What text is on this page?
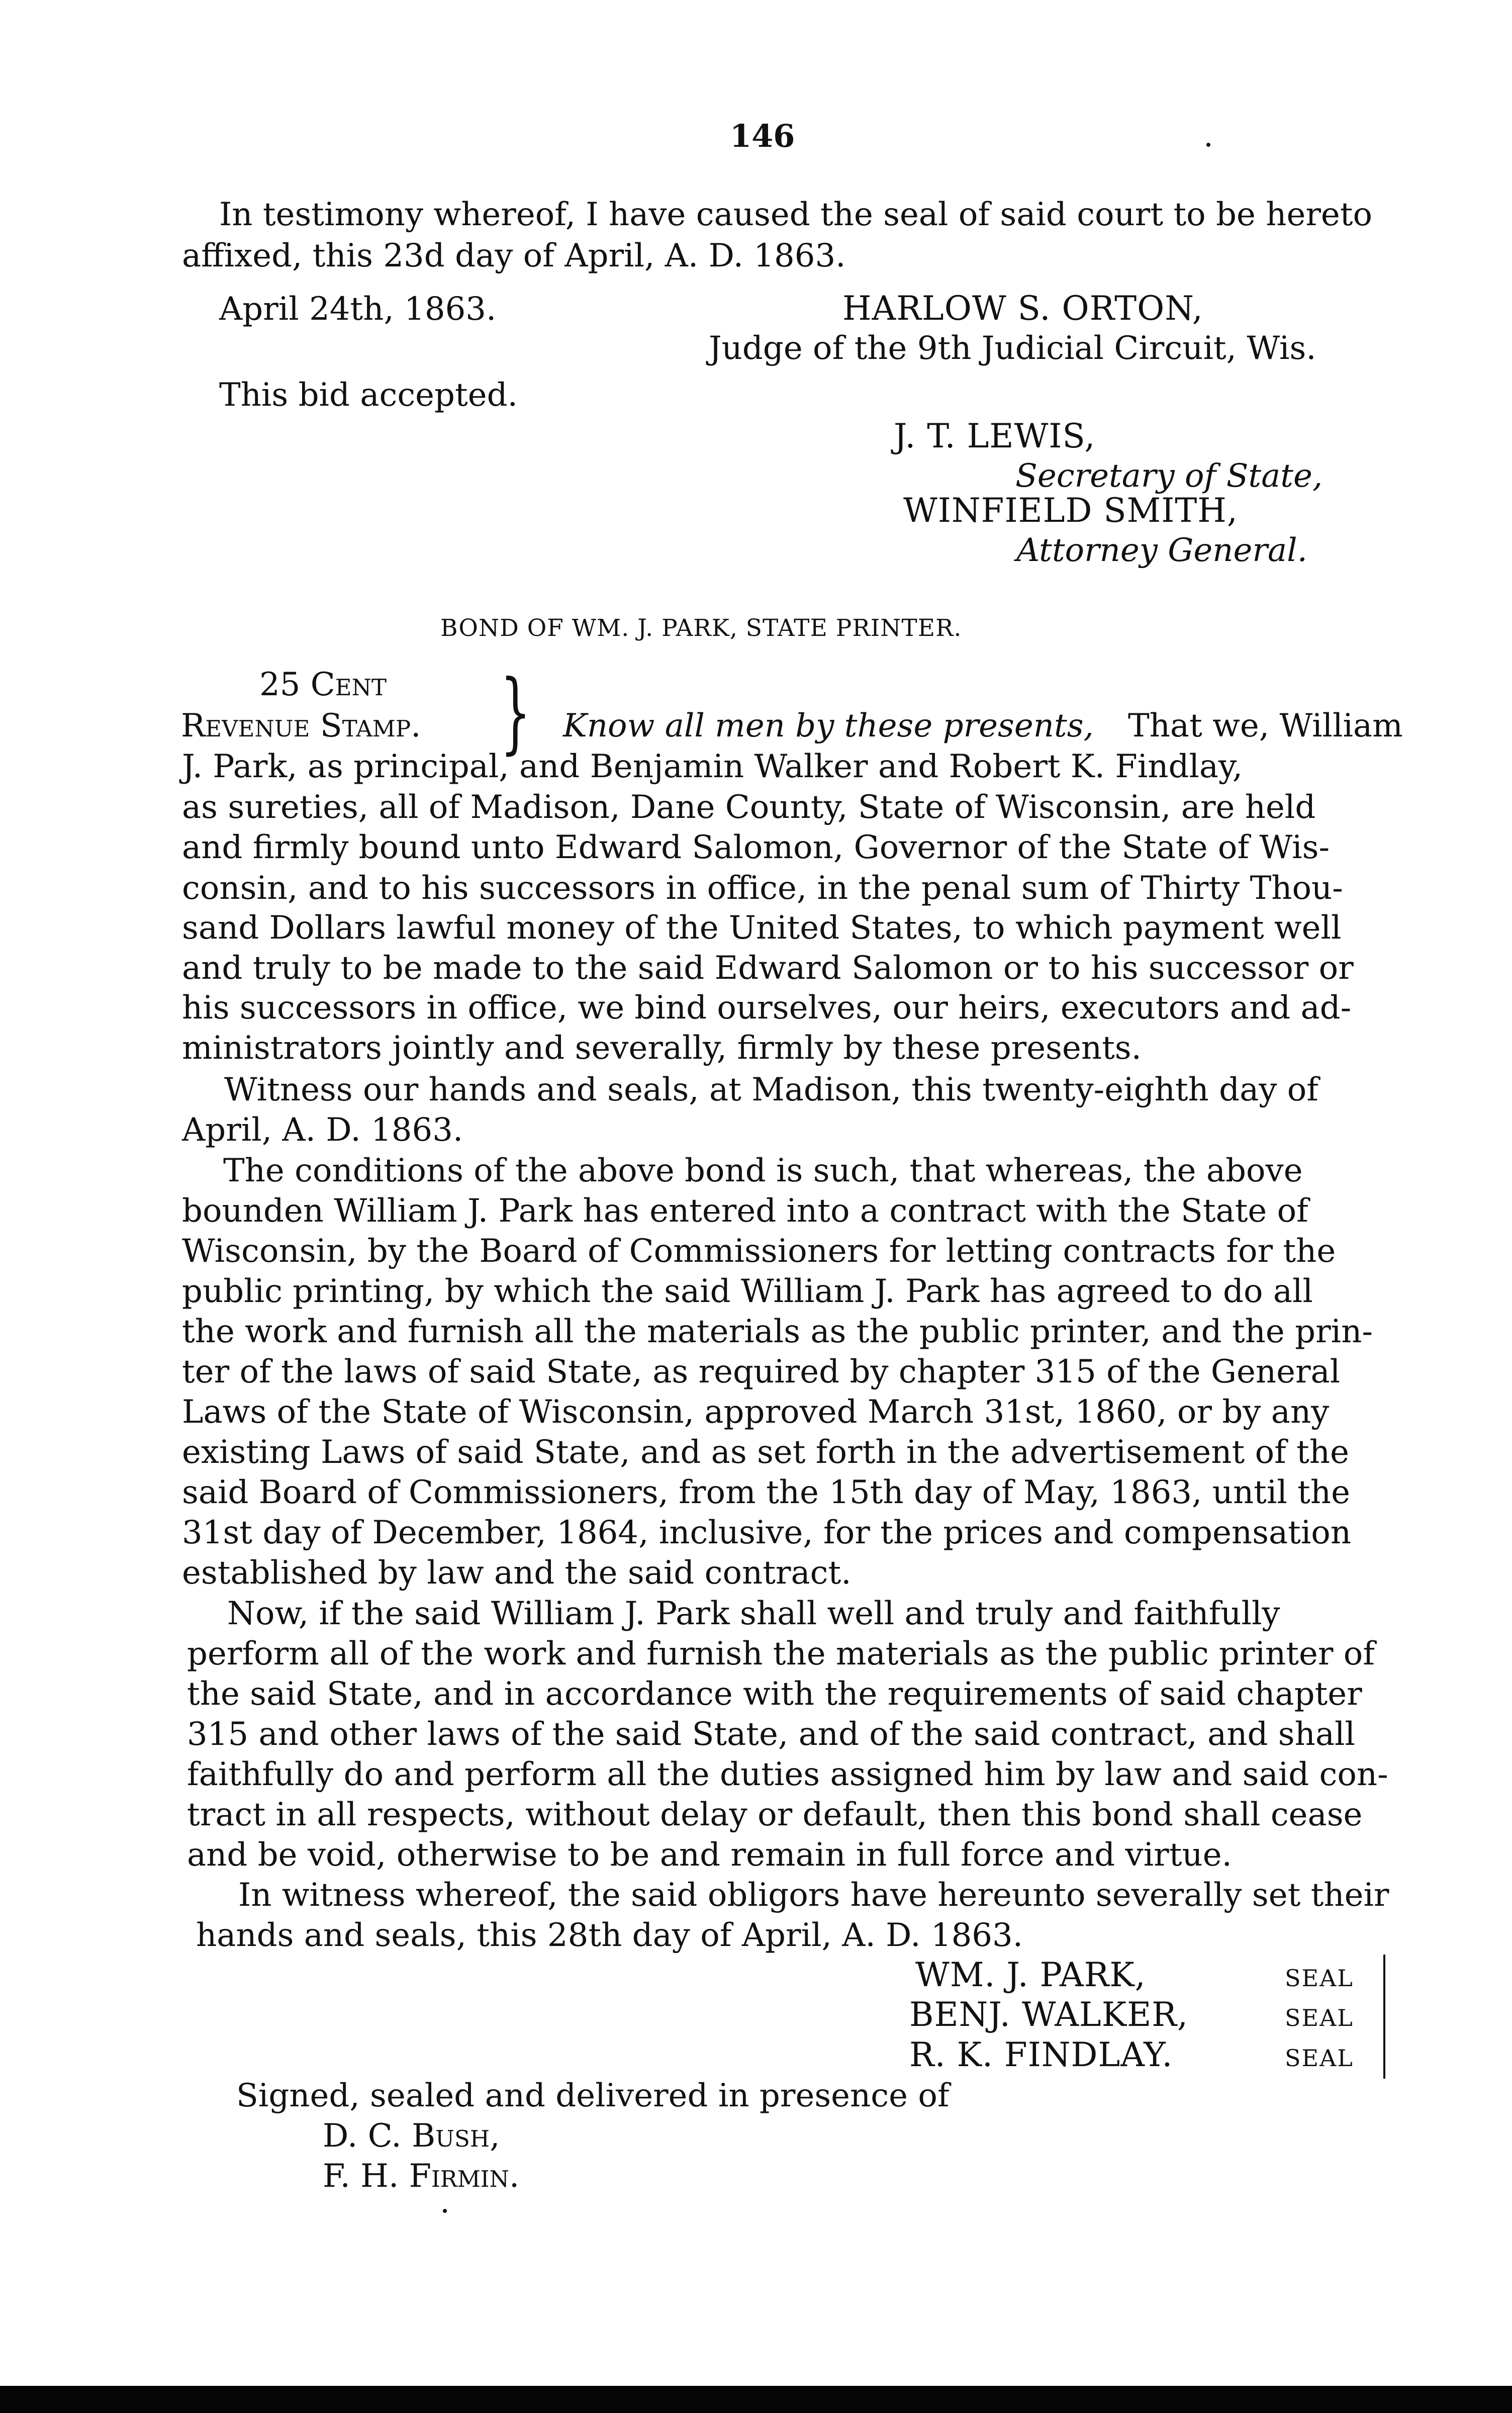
146
In testimony whereof, I have caused the seal of said court to be hereto
affixed, this 23d day of April, A. D. 1863.
April 24th, 1863.	HARLOW S. ORTON,
Judge of the 9th Judicial Circuit, Wis.
This bid accepted.
J. T. LEWIS,
Secretary of State,
WINFIELD SMITH,
Attorney General.
BOND OF WM. J. PARK, STATE PRINTER.
25 Cent
Revenue Stamp. } Know all men by these presents, That we, William
J. Park, as principal, and Benjamin Walker and Robert K. Findlay,
as sureties, all of Madison, Dane County, State of Wisconsin, are held
and firmly bound unto Edward Salomon, Governor of the State of Wis-
consin, and to his successors in office, in the penal sum of Thirty Thou-
sand Dollars lawful money of the United States, to which payment well
and truly to be made to the said Edward Salomon or to his successor or
his successors in office, we bind ourselves, our heirs, executors and ad-
ministrators jointly and severally, firmly by these presents.
Witness our hands and seals, at Madison, this twenty-eighth day of
April, A. D. 1863.
The conditions of the above bond is such, that whereas, the above
bounden William J. Park has entered into a contract with the State of
Wisconsin, by the Board of Commissioners for letting contracts for the
public printing, by which the said William J. Park has agreed to do all
the work and furnish all the materials as the public printer, and the prin-
ter of the laws of said State, as required by chapter 315 of the General
Laws of the State of Wisconsin, approved March 31st, 1860, or by any
existing Laws of said State, and as set forth in the advertisement of the
said Board of Commissioners, from the 15th day of May, 1863, until the
31st day of December, 1864, inclusive, for the prices and compensation
established by law and the said contract.
Now, if the said William J. Park shall well and truly and faithfully
perform all of the work and furnish the materials as the public printer of
the said State, and in accordance with the requirements of said chapter
315 and other laws of the said State, and of the said contract, and shall
faithfully do and perform all the duties assigned him by law and said con-
tract in all respects, without delay or default, then this bond shall cease
and be void, otherwise to be and remain in full force and virtue.
In witness whereof, the said obligors have hereunto severally set their
hands and seals, this 28th day of April, A. D. 1863.
WM. J. PARK,	SEAL
BENJ. WALKER,	SEAL
R. K. FINDLAY.	SEAL
Signed, sealed and delivered in presence of
D. C. Bush,
F. H. Firmin.
